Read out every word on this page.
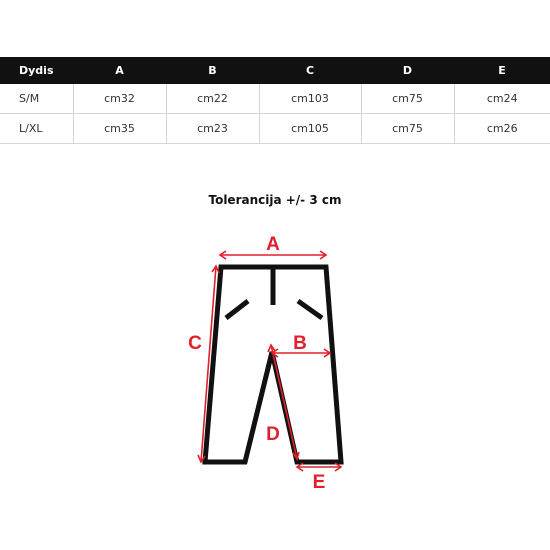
Dydis	A	B	C	D	E
S/M	cm32	cm22	cm103	cm75	cm24
L/XL	cm35	cm23	cm105	cm75	cm26
Tolerancija +/- 3 cm
A
B
C
D
E
